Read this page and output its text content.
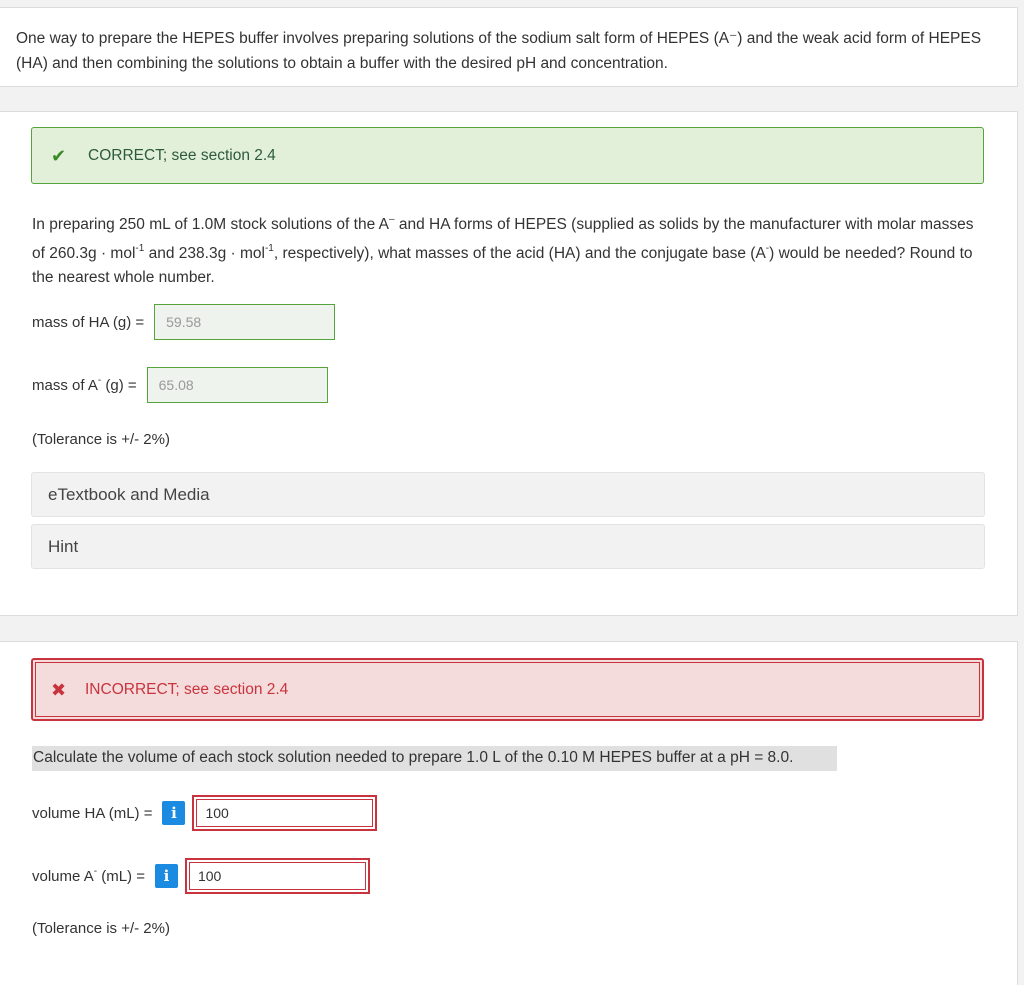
One way to prepare the HEPES buffer involves preparing solutions of the sodium salt form of HEPES (A⁻) and the weak acid form of HEPES (HA) and then combining the solutions to obtain a buffer with the desired pH and concentration.

✔ CORRECT; see section 2.4
In preparing 250 mL of 1.0M stock solutions of the A– and HA forms of HEPES (supplied as solids by the manufacturer with molar masses of 260.3g · mol$^{-1}$ and 238.3g · mol$^{-1}$, respectively), what masses of the acid (HA) and the conjugate base (A-) would be needed? Round to the nearest whole number.
mass of HA (g) =	59.58
mass of A- (g) =	65.08
(Tolerance is +/- 2%)
eTextbook and Media
Hint
✖ INCORRECT; see section 2.4
Calculate the volume of each stock solution needed to prepare 1.0 L of the 0.10 M HEPES buffer at a pH = 8.0.
volume HA (mL) =	i	100
volume A- (mL) =	i	100
(Tolerance is +/- 2%)
